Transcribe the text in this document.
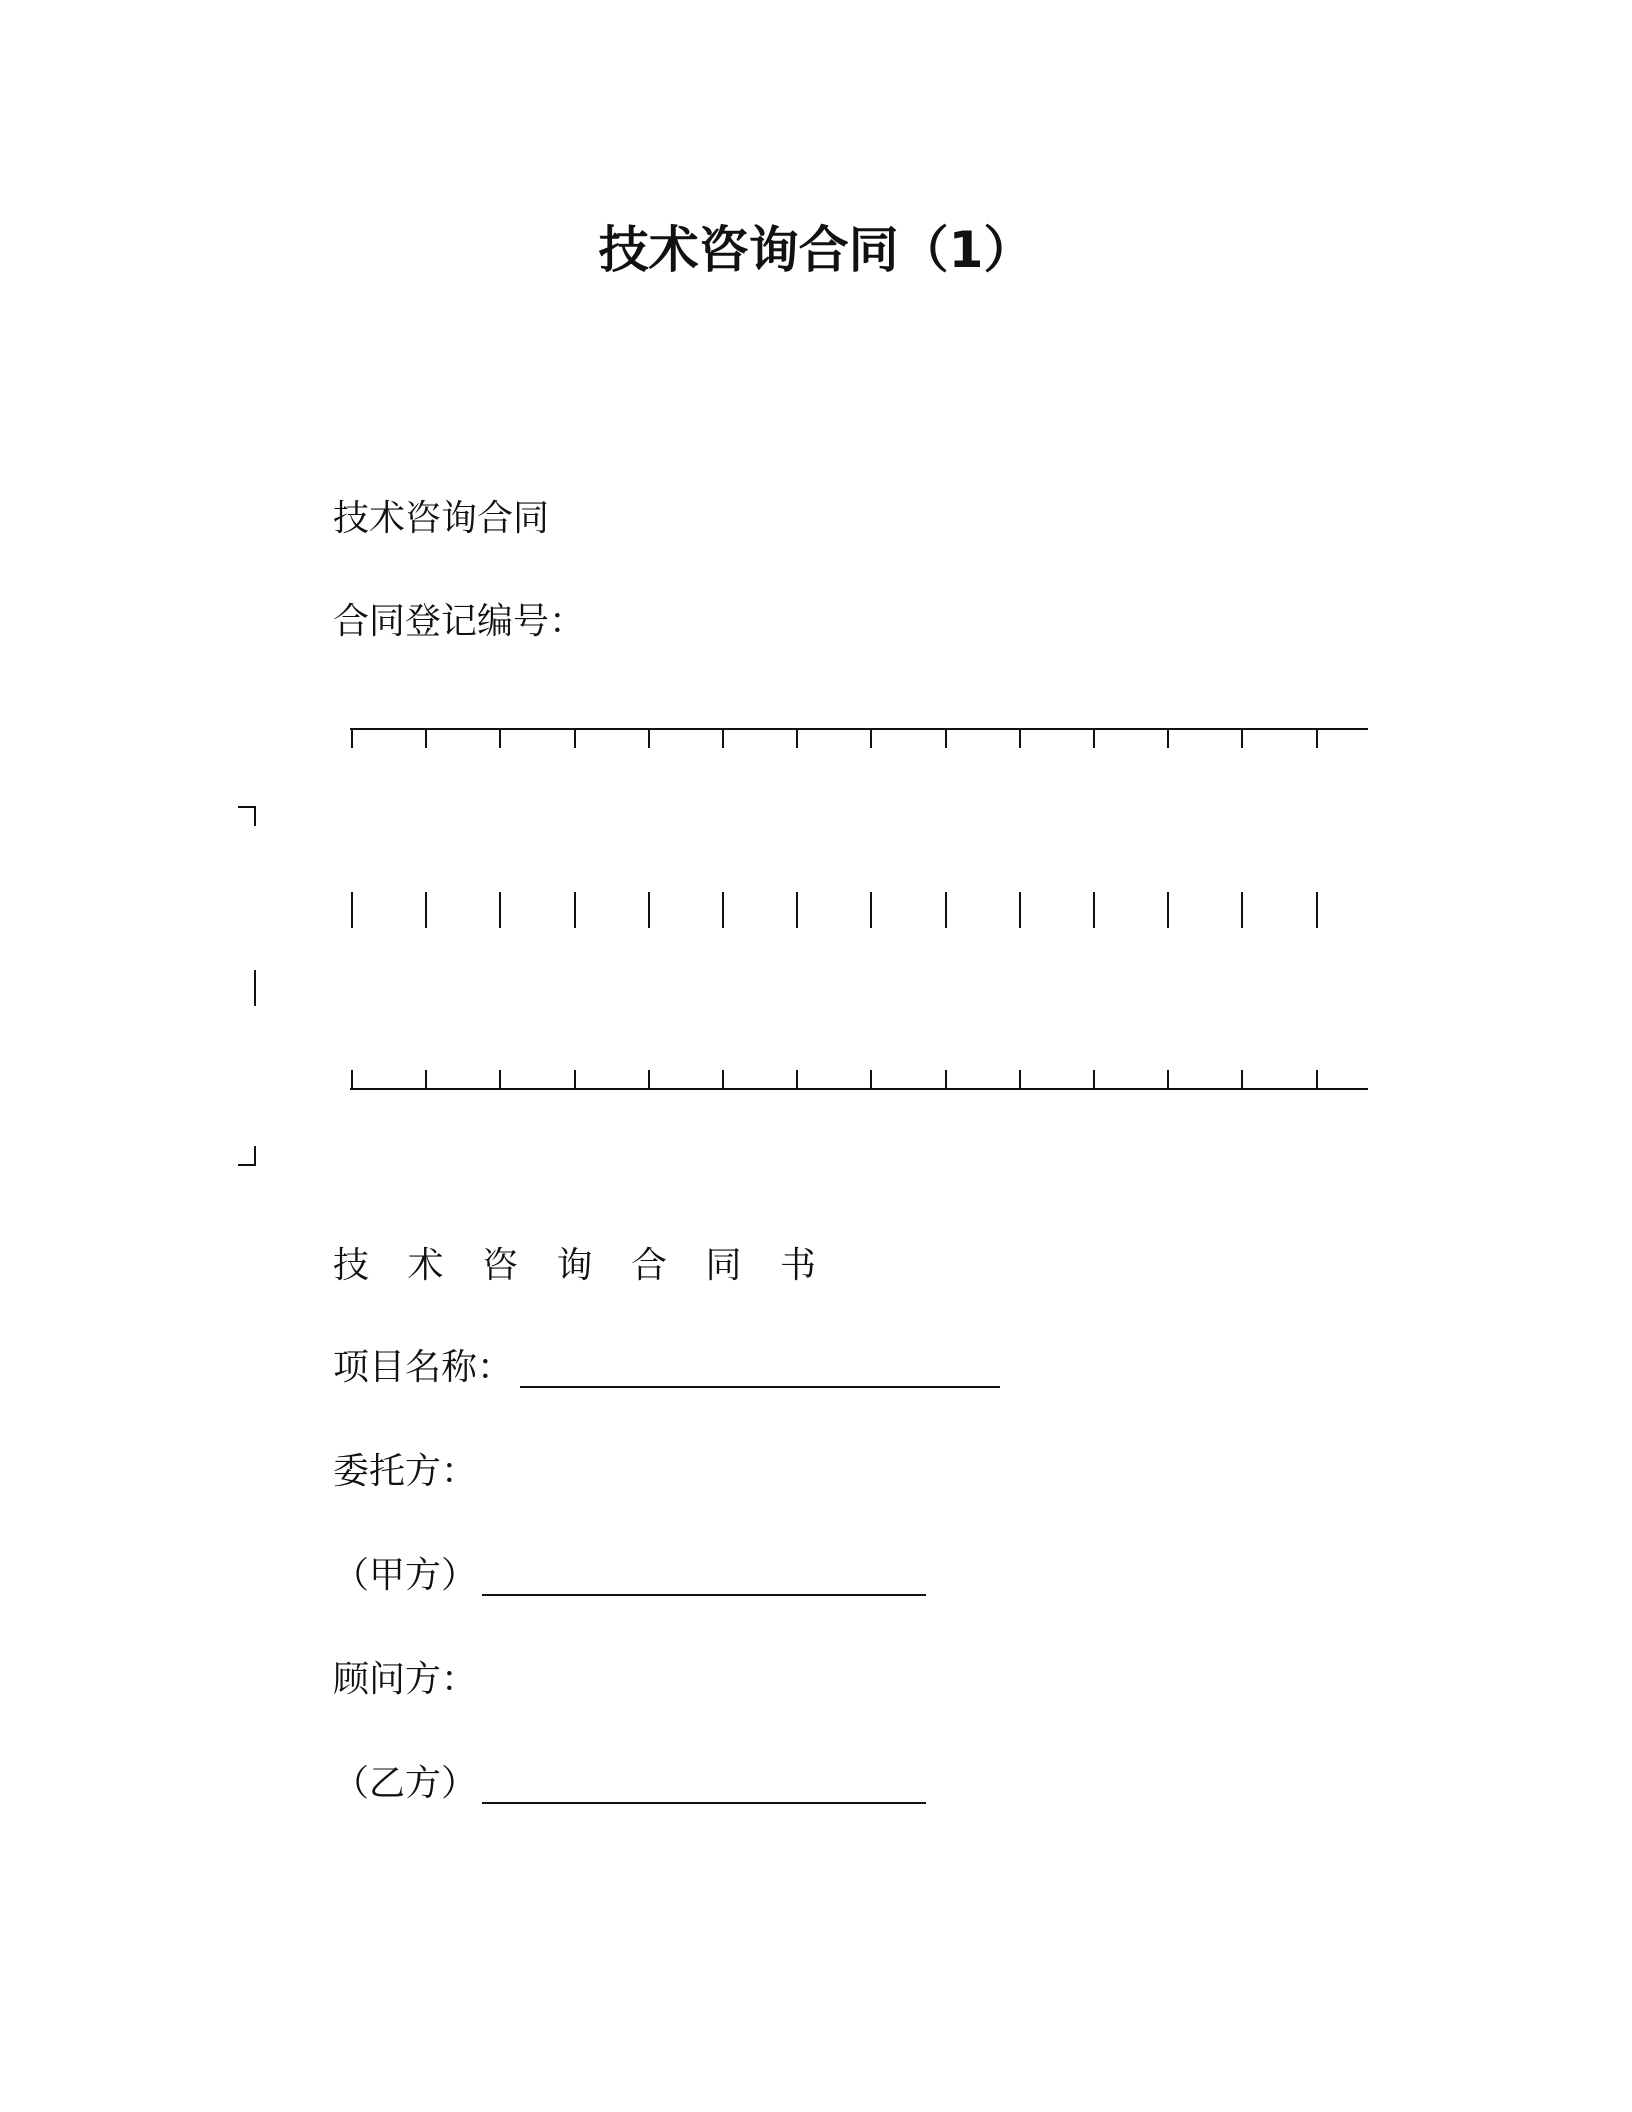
技术咨询合同（1）
技术咨询合同
合同登记编号：
技 术 咨 询 合 同 书
项目名称：
委托方：
（甲方）
顾问方：
（乙方）
